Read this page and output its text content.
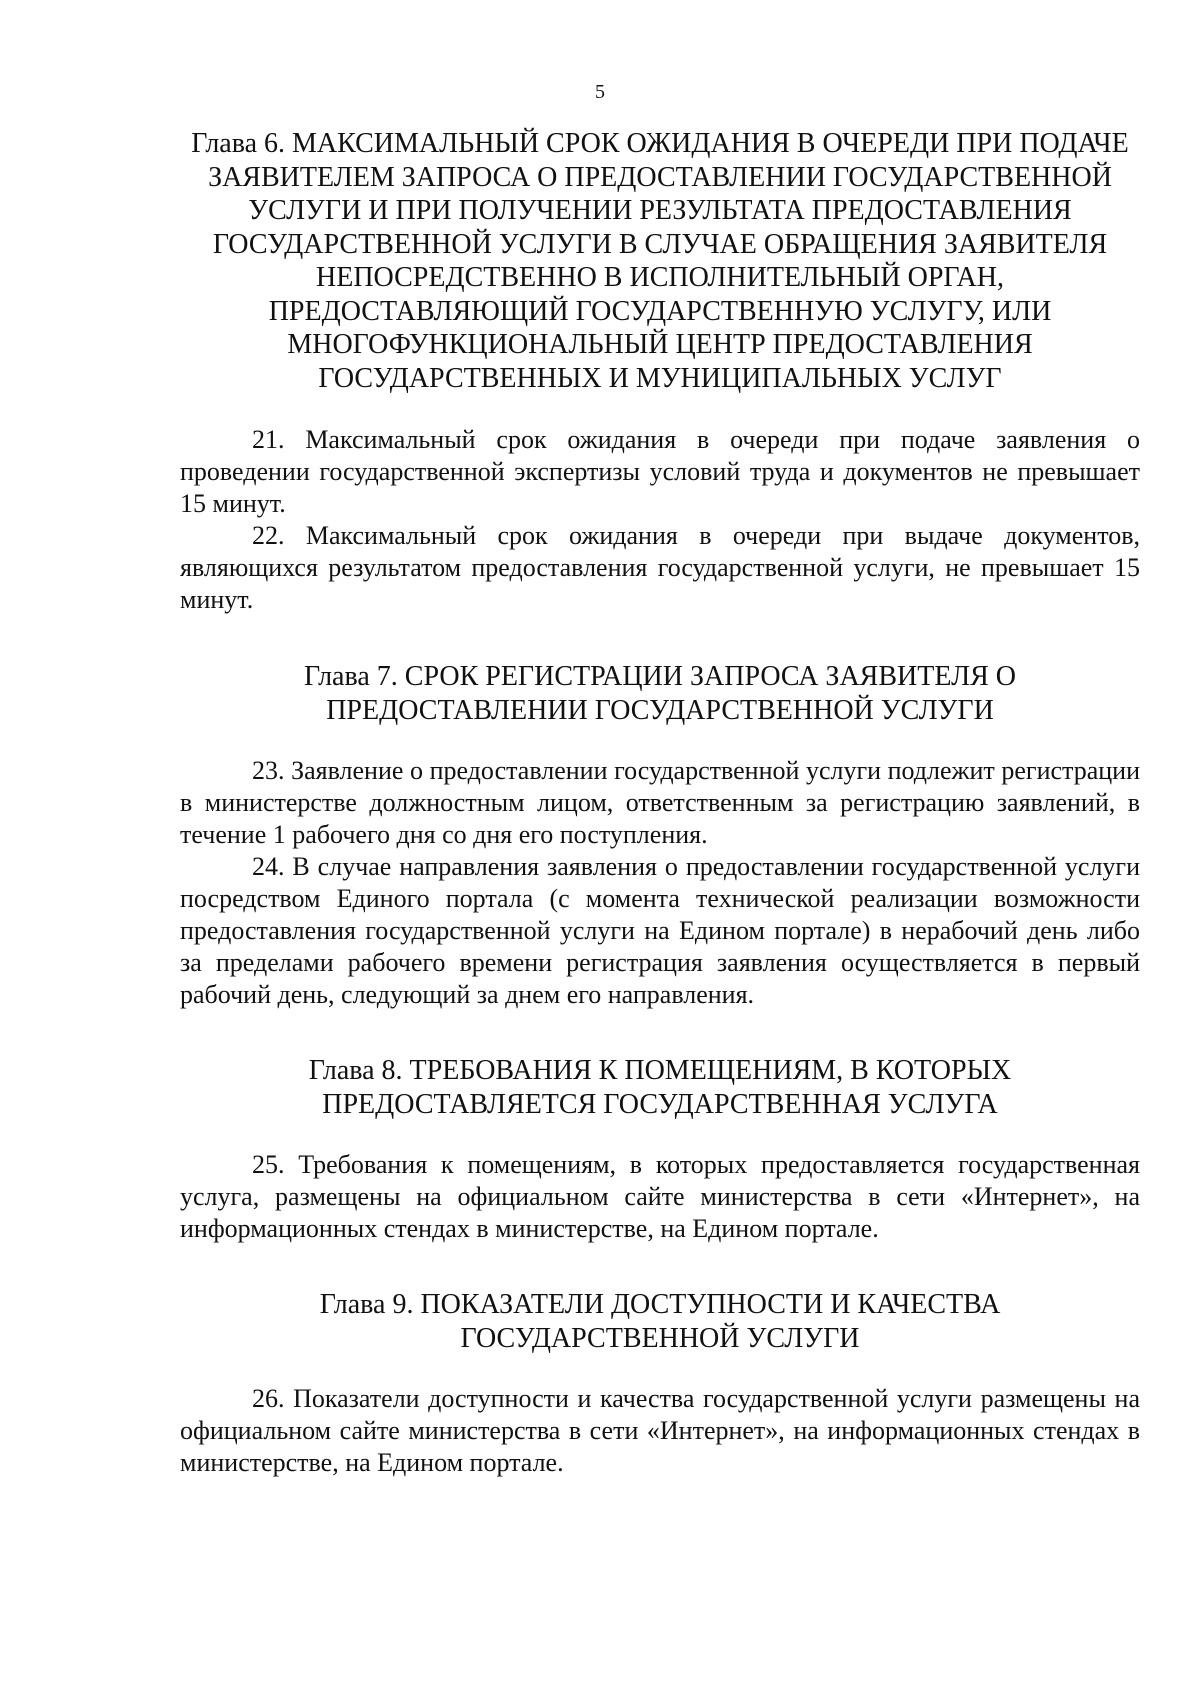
5
Глава 6. МАКСИМАЛЬНЫЙ СРОК ОЖИДАНИЯ В ОЧЕРЕДИ ПРИ ПОДАЧЕ
ЗАЯВИТЕЛЕМ ЗАПРОСА О ПРЕДОСТАВЛЕНИИ ГОСУДАРСТВЕННОЙ
УСЛУГИ И ПРИ ПОЛУЧЕНИИ РЕЗУЛЬТАТА ПРЕДОСТАВЛЕНИЯ
ГОСУДАРСТВЕННОЙ УСЛУГИ В СЛУЧАЕ ОБРАЩЕНИЯ ЗАЯВИТЕЛЯ
НЕПОСРЕДСТВЕННО В ИСПОЛНИТЕЛЬНЫЙ ОРГАН,
ПРЕДОСТАВЛЯЮЩИЙ ГОСУДАРСТВЕННУЮ УСЛУГУ, ИЛИ
МНОГОФУНКЦИОНАЛЬНЫЙ ЦЕНТР ПРЕДОСТАВЛЕНИЯ
ГОСУДАРСТВЕННЫХ И МУНИЦИПАЛЬНЫХ УСЛУГ

21. Максимальный срок ожидания в очереди при подаче заявления о проведении государственной экспертизы условий труда и документов не превышает 15 минут.

22. Максимальный срок ожидания в очереди при выдаче документов, являющихся результатом предоставления государственной услуги, не превышает 15 минут.

Глава 7. СРОК РЕГИСТРАЦИИ ЗАПРОСА ЗАЯВИТЕЛЯ О
ПРЕДОСТАВЛЕНИИ ГОСУДАРСТВЕННОЙ УСЛУГИ

23. Заявление о предоставлении государственной услуги подлежит регистрации в министерстве должностным лицом, ответственным за регистрацию заявлений, в течение 1 рабочего дня со дня его поступления.

24. В случае направления заявления о предоставлении государственной услуги посредством Единого портала (с момента технической реализации возможности предоставления государственной услуги на Едином портале) в нерабочий день либо за пределами рабочего времени регистрация заявления осуществляется в первый рабочий день, следующий за днем его направления.

Глава 8. ТРЕБОВАНИЯ К ПОМЕЩЕНИЯМ, В КОТОРЫХ
ПРЕДОСТАВЛЯЕТСЯ ГОСУДАРСТВЕННАЯ УСЛУГА

25. Требования к помещениям, в которых предоставляется государственная услуга, размещены на официальном сайте министерства в сети «Интернет», на информационных стендах в министерстве, на Едином портале.

Глава 9. ПОКАЗАТЕЛИ ДОСТУПНОСТИ И КАЧЕСТВА
ГОСУДАРСТВЕННОЙ УСЛУГИ

26. Показатели доступности и качества государственной услуги размещены на официальном сайте министерства в сети «Интернет», на информационных стендах в министерстве, на Едином портале.
